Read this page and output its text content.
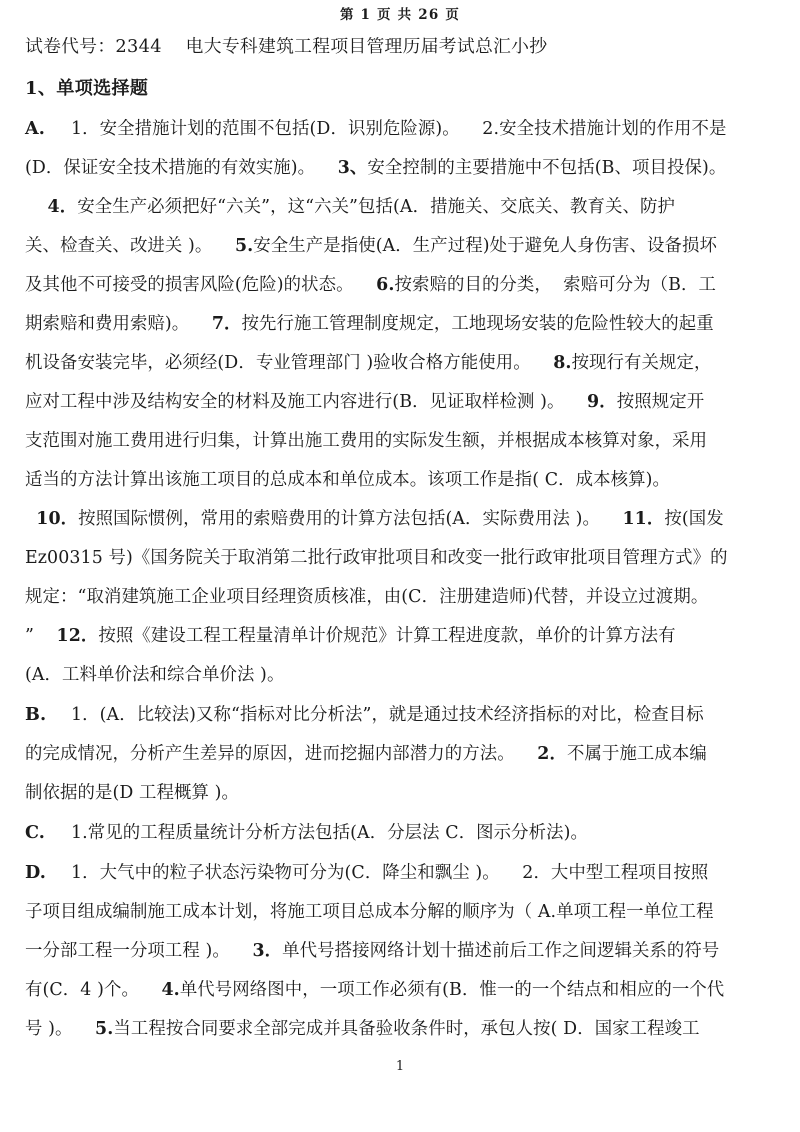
第 1 页 共 26 页
试卷代号：2344    电大专科建筑工程项目管理历届考试总汇小抄
1、单项选择题
A. 1．安全措施计划的范围不包括(D．识别危险源)。    2.安全技术措施计划的作用不是
(D．保证安全技术措施的有效实施)。    3、安全控制的主要措施中不包括(B、项目投保)。
4．安全生产必须把好“六关”，这“六关”包括(A．措施关、交底关、教育关、防护
关、检查关、改进关 )。    5.安全生产是指使(A．生产过程)处于避免人身伤害、设备损坏
及其他不可接受的损害风险(危险)的状态。    6.按索赔的目的分类，  索赔可分为（B．工
期索赔和费用索赔)。    7．按先行施工管理制度规定，工地现场安装的危险性较大的起重
机设备安装完毕，必须经(D．专业管理部门 )验收合格方能使用。    8.按现行有关规定，
应对工程中涉及结构安全的材料及施工内容进行(B．见证取样检测 )。    9．按照规定开
支范围对施工费用进行归集，计算出施工费用的实际发生额，并根据成本核算对象，采用
适当的方法计算出该施工项目的总成本和单位成本。该项工作是指( C．成本核算)。
10．按照国际惯例，常用的索赔费用的计算方法包括(A．实际费用法 )。    11．按(国发
Ez00315 号)《国务院关于取消第二批行政审批项目和改变一批行政审批项目管理方式》的
规定：“取消建筑施工企业项目经理资质核准，由(C．注册建造师)代替，并设立过渡期。
”    12．按照《建设工程工程量清单计价规范》计算工程进度款，单价的计算方法有
(A．工料单价法和综合单价法 )。
B. 1．(A．比较法)又称“指标对比分析法”，就是通过技术经济指标的对比，检查目标
的完成情况，分析产生差异的原因，进而挖掘内部潜力的方法。    2．不属于施工成本编
制依据的是(D 工程概算 )。
C. 1.常见的工程质量统计分析方法包括(A．分层法 C．图示分析法)。
D. 1．大气中的粒子状态污染物可分为(C．降尘和飘尘 )。    2．大中型工程项目按照
子项目组成编制施工成本计划，将施工项目总成本分解的顺序为（ A.单项工程一单位工程
一分部工程一分项工程 )。    3．单代号搭接网络计划十描述前后工作之间逻辑关系的符号
有(C．4 )个。    4.单代号网络图中，一项工作必须有(B．惟一的一个结点和相应的一个代
号 )。    5.当工程按合同要求全部完成并具备验收条件时，承包人按( D．国家工程竣工
1
